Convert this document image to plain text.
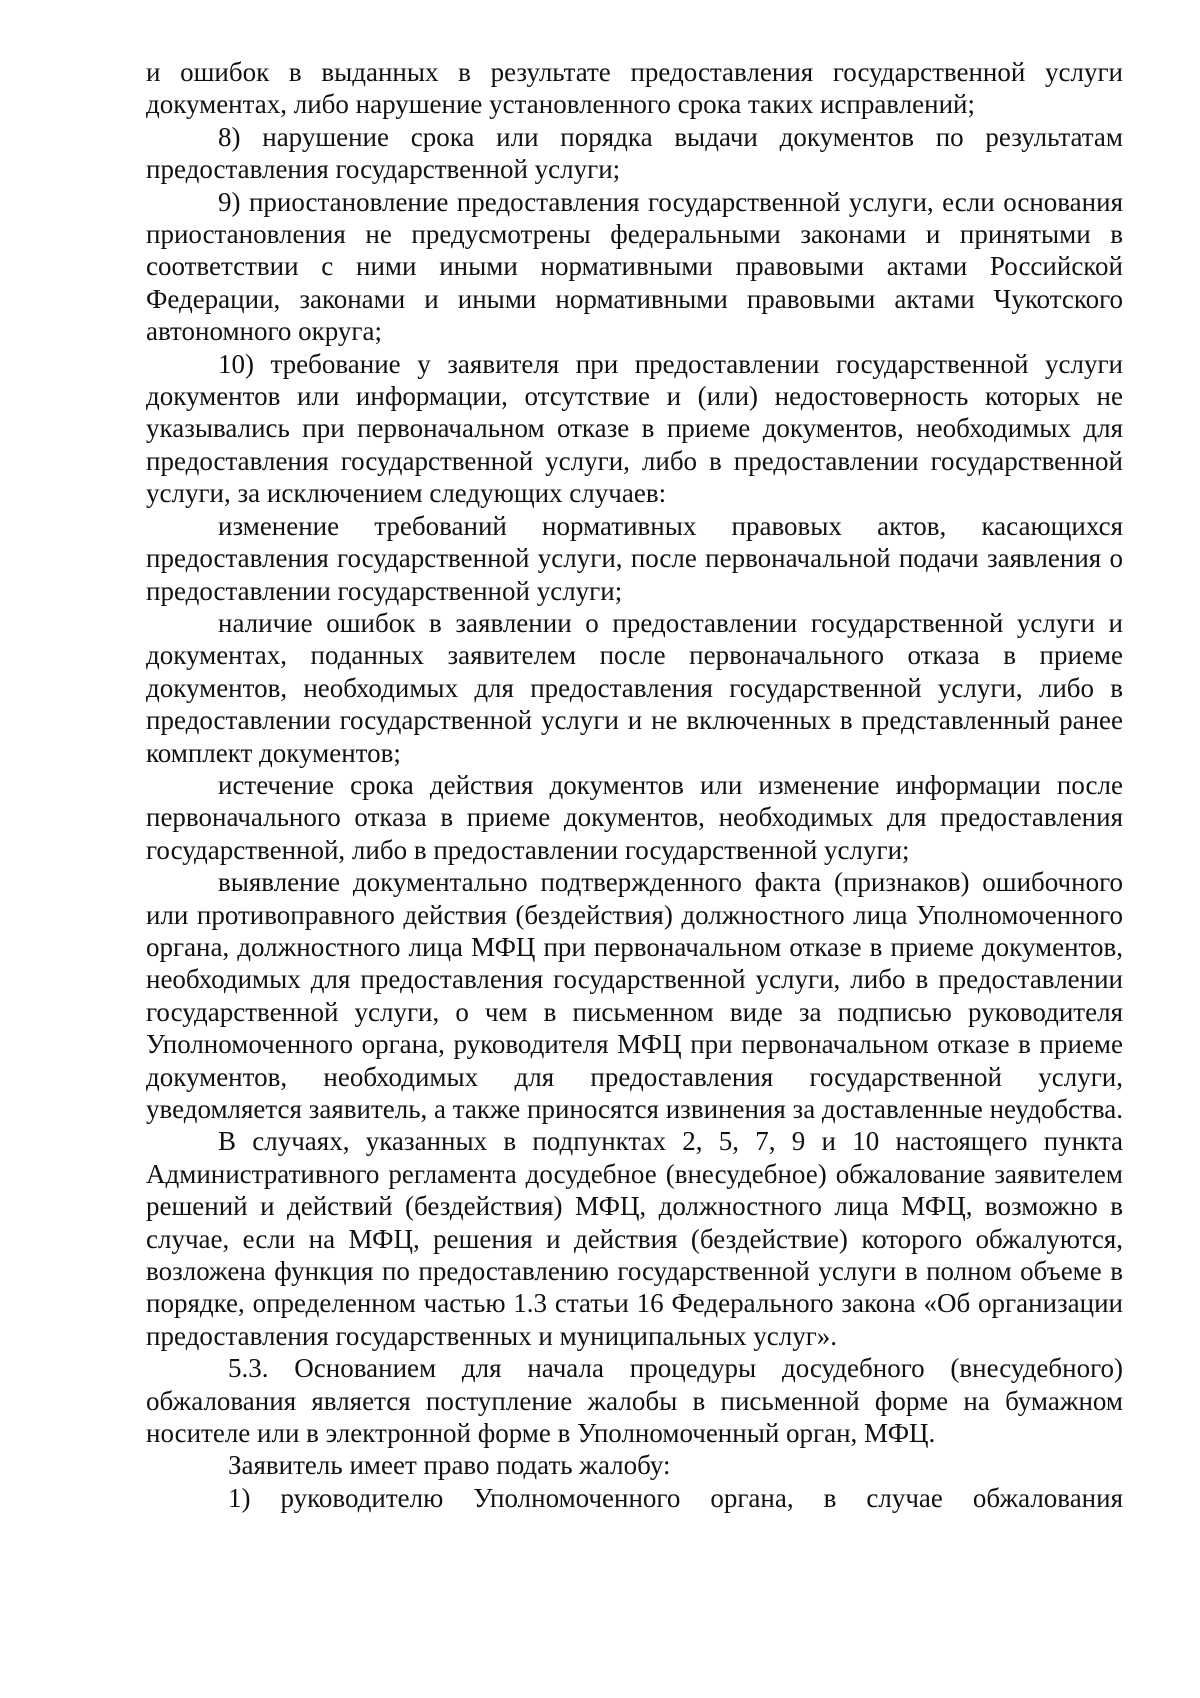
и ошибок в выданных в результате предоставления государственной услуги документах, либо нарушение установленного срока таких исправлений;

8) нарушение срока или порядка выдачи документов по результатам предоставления государственной услуги;

9) приостановление предоставления государственной услуги, если основания приостановления не предусмотрены федеральными законами и принятыми в соответствии с ними иными нормативными правовыми актами Российской Федерации, законами и иными нормативными правовыми актами Чукотского автономного округа;

10) требование у заявителя при предоставлении государственной услуги документов или информации, отсутствие и (или) недостоверность которых не указывались при первоначальном отказе в приеме документов, необходимых для предоставления государственной услуги, либо в предоставлении государственной услуги, за исключением следующих случаев:

изменение требований нормативных правовых актов, касающихся предоставления государственной услуги, после первоначальной подачи заявления о предоставлении государственной услуги;

наличие ошибок в заявлении о предоставлении государственной услуги и документах, поданных заявителем после первоначального отказа в приеме документов, необходимых для предоставления государственной услуги, либо в предоставлении государственной услуги и не включенных в представленный ранее комплект документов;

истечение срока действия документов или изменение информации после первоначального отказа в приеме документов, необходимых для предоставления государственной, либо в предоставлении государственной услуги;

выявление документально подтвержденного факта (признаков) ошибочного или противоправного действия (бездействия) должностного лица Уполномоченного органа, должностного лица МФЦ при первоначальном отказе в приеме документов, необходимых для предоставления государственной услуги, либо в предоставлении государственной услуги, о чем в письменном виде за подписью руководителя Уполномоченного органа, руководителя МФЦ при первоначальном отказе в приеме документов, необходимых для предоставления государственной услуги, уведомляется заявитель, а также приносятся извинения за доставленные неудобства.

В случаях, указанных в подпунктах 2, 5, 7, 9 и 10 настоящего пункта Административного регламента досудебное (внесудебное) обжалование заявителем решений и действий (бездействия) МФЦ, должностного лица МФЦ, возможно в случае, если на МФЦ, решения и действия (бездействие) которого обжалуются, возложена функция по предоставлению государственной услуги в полном объеме в порядке, определенном частью 1.3 статьи 16 Федерального закона «Об организации предоставления государственных и муниципальных услуг».

5.3. Основанием для начала процедуры досудебного (внесудебного) обжалования является поступление жалобы в письменной форме на бумажном носителе или в электронной форме в Уполномоченный орган, МФЦ.

Заявитель имеет право подать жалобу:

1) руководителю Уполномоченного органа, в случае обжалования
